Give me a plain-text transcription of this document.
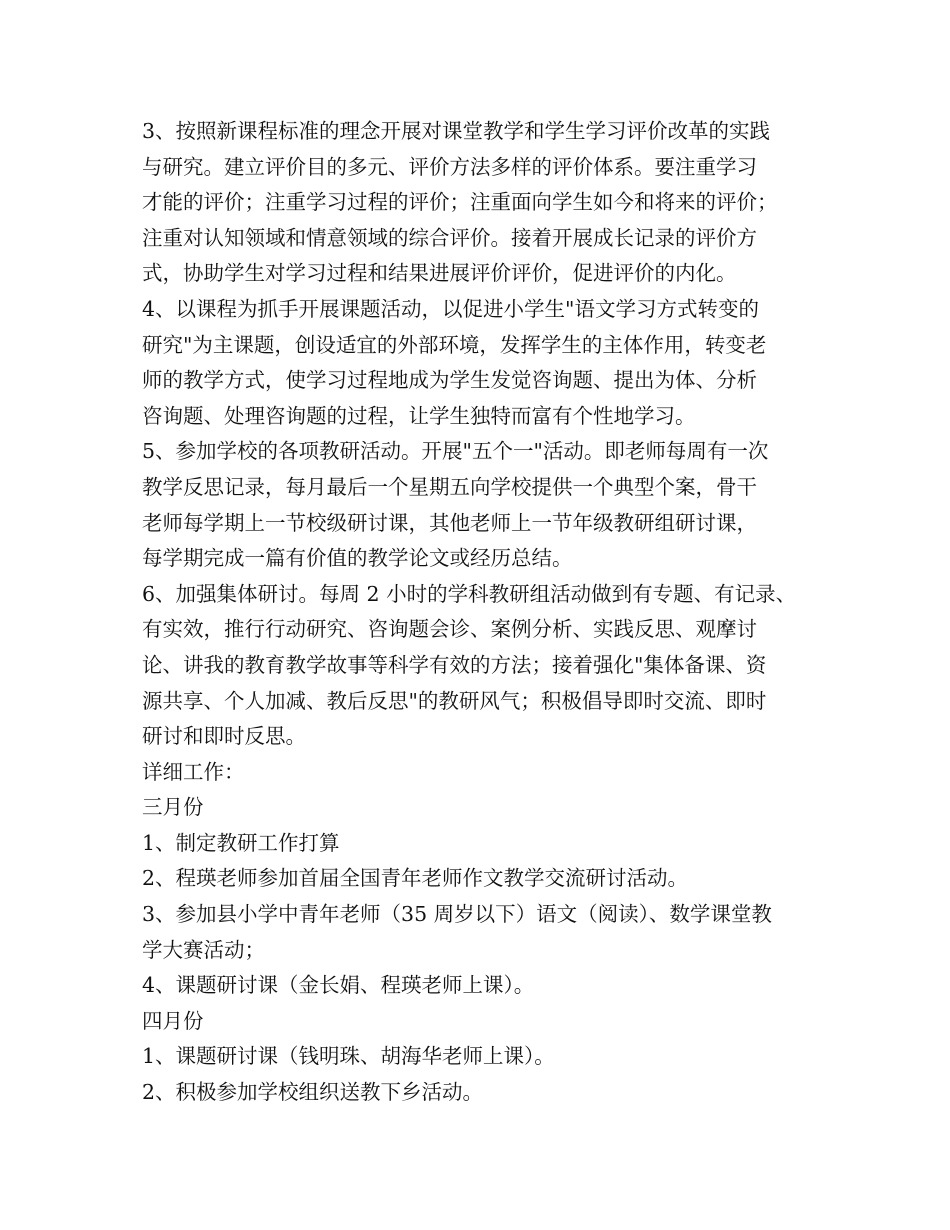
3、按照新课程标准的理念开展对课堂教学和学生学习评价改革的实践
与研究。建立评价目的多元、评价方法多样的评价体系。要注重学习
才能的评价；注重学习过程的评价；注重面向学生如今和将来的评价；
注重对认知领域和情意领域的综合评价。接着开展成长记录的评价方
式，协助学生对学习过程和结果进展评价评价，促进评价的内化。
4、以课程为抓手开展课题活动，以促进小学生"语文学习方式转变的
研究"为主课题，创设适宜的外部环境，发挥学生的主体作用，转变老
师的教学方式，使学习过程地成为学生发觉咨询题、提出为体、分析
咨询题、处理咨询题的过程，让学生独特而富有个性地学习。
5、参加学校的各项教研活动。开展"五个一"活动。即老师每周有一次
教学反思记录，每月最后一个星期五向学校提供一个典型个案，骨干
老师每学期上一节校级研讨课，其他老师上一节年级教研组研讨课，
每学期完成一篇有价值的教学论文或经历总结。
6、加强集体研讨。每周 2 小时的学科教研组活动做到有专题、有记录、
有实效，推行行动研究、咨询题会诊、案例分析、实践反思、观摩讨
论、讲我的教育教学故事等科学有效的方法；接着强化"集体备课、资
源共享、个人加减、教后反思"的教研风气；积极倡导即时交流、即时
研讨和即时反思。
详细工作：
三月份
1、制定教研工作打算
2、程瑛老师参加首届全国青年老师作文教学交流研讨活动。
3、参加县小学中青年老师（35 周岁以下）语文（阅读）、数学课堂教
学大赛活动；
4、课题研讨课（金长娟、程瑛老师上课）。
四月份
1、课题研讨课（钱明珠、胡海华老师上课）。
2、积极参加学校组织送教下乡活动。
